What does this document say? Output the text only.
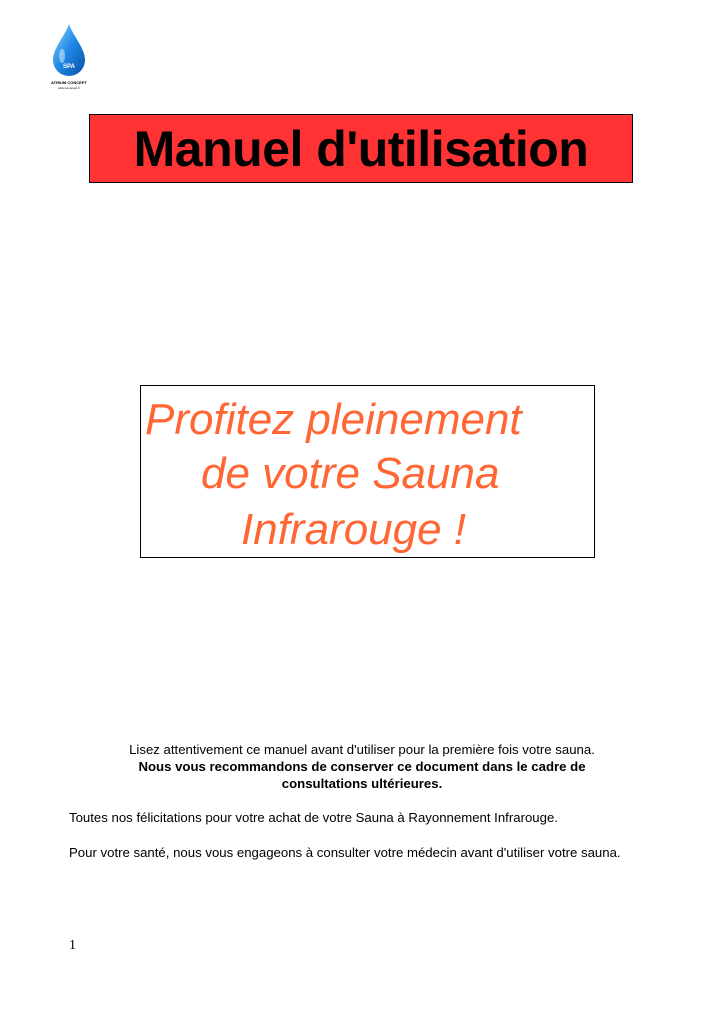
SPA
ATRIUM CONCEPT
atriumconcept.fr
Manuel d'utilisation
Profitez pleinement
de votre Sauna
Infrarouge !
Lisez attentivement ce manuel avant d'utiliser pour la première fois votre sauna.
Nous vous recommandons de conserver ce document dans le cadre de
consultations ultérieures.
Toutes nos félicitations pour votre achat de votre Sauna à Rayonnement Infrarouge.
Pour votre santé, nous vous engageons à consulter votre médecin avant d'utiliser votre sauna.
1
